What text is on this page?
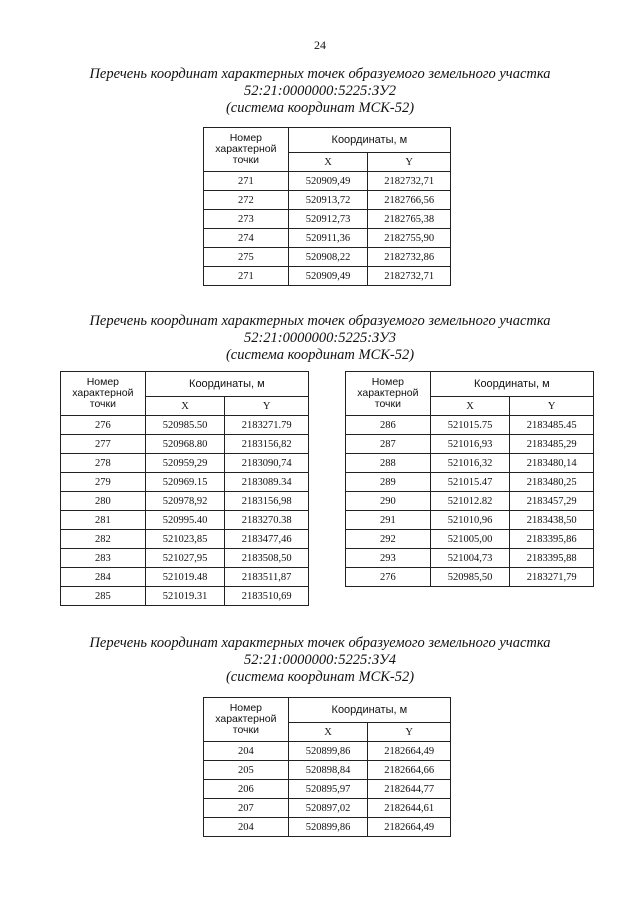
24
Перечень координат характерных точек образуемого земельного участка
52:21:0000000:5225:ЗУ2
(система координат МСК-52)
Номер
характерной
точки	Координаты, м	
	X	Y
271	520909,49	2182732,71
272	520913,72	2182766,56
273	520912,73	2182765,38
274	520911,36	2182755,90
275	520908,22	2182732,86
271	520909,49	2182732,71
Перечень координат характерных точек образуемого земельного участка
52:21:0000000:5225:ЗУ3
(система координат МСК-52)
Номер
характерной
точки	Координаты, м	
	X	Y
276	520985.50	2183271.79
277	520968.80	2183156,82
278	520959,29	2183090,74
279	520969.15	2183089.34
280	520978,92	2183156,98
281	520995.40	2183270.38
282	521023,85	2183477,46
283	521027,95	2183508,50
284	521019.48	2183511,87
285	521019.31	2183510,69
Номер
характерной
точки	Координаты, м	
	X	Y
286	521015.75	2183485.45
287	521016,93	2183485,29
288	521016,32	2183480,14
289	521015.47	2183480,25
290	521012.82	2183457,29
291	521010,96	2183438,50
292	521005,00	2183395,86
293	521004,73	2183395,88
276	520985,50	2183271,79
Перечень координат характерных точек образуемого земельного участка
52:21:0000000:5225:ЗУ4
(система координат МСК-52)
Номер
характерной
точки	Координаты, м	
	X	Y
204	520899,86	2182664,49
205	520898,84	2182664,66
206	520895,97	2182644,77
207	520897,02	2182644,61
204	520899,86	2182664,49
